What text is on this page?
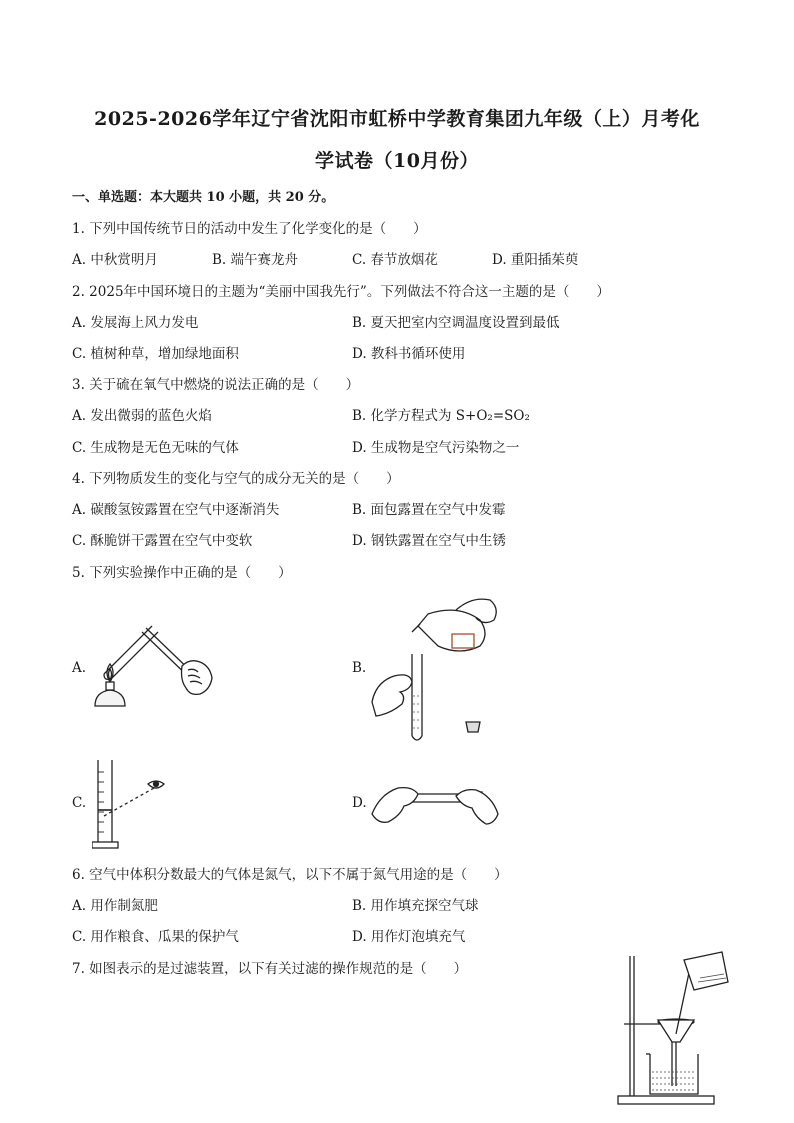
2025-2026学年辽宁省沈阳市虹桥中学教育集团九年级（上）月考化
学试卷（10月份）
一、单选题：本大题共 10 小题，共 20 分。
1. 下列中国传统节日的活动中发生了化学变化的是（　　）
A. 中秋赏明月	B. 端午赛龙舟	C. 春节放烟花	D. 重阳插茱萸
2. 2025年中国环境日的主题为“美丽中国我先行”。下列做法不符合这一主题的是（　　）
A. 发展海上风力发电	B. 夏天把室内空调温度设置到最低
C. 植树种草，增加绿地面积	D. 教科书循环使用
3. 关于硫在氧气中燃烧的说法正确的是（　　）
A. 发出微弱的蓝色火焰	B. 化学方程式为 S+O₂=SO₂
C. 生成物是无色无味的气体	D. 生成物是空气污染物之一
4. 下列物质发生的变化与空气的成分无关的是（　　）
A. 碳酸氢铵露置在空气中逐渐消失	B. 面包露置在空气中发霉
C. 酥脆饼干露置在空气中变软	D. 钢铁露置在空气中生锈
5. 下列实验操作中正确的是（　　）
A.	B.
C.	D.
6. 空气中体积分数最大的气体是氮气，以下不属于氮气用途的是（　　）
A. 用作制氮肥	B. 用作填充探空气球
C. 用作粮食、瓜果的保护气	D. 用作灯泡填充气
7. 如图表示的是过滤装置，以下有关过滤的操作规范的是（　　）
